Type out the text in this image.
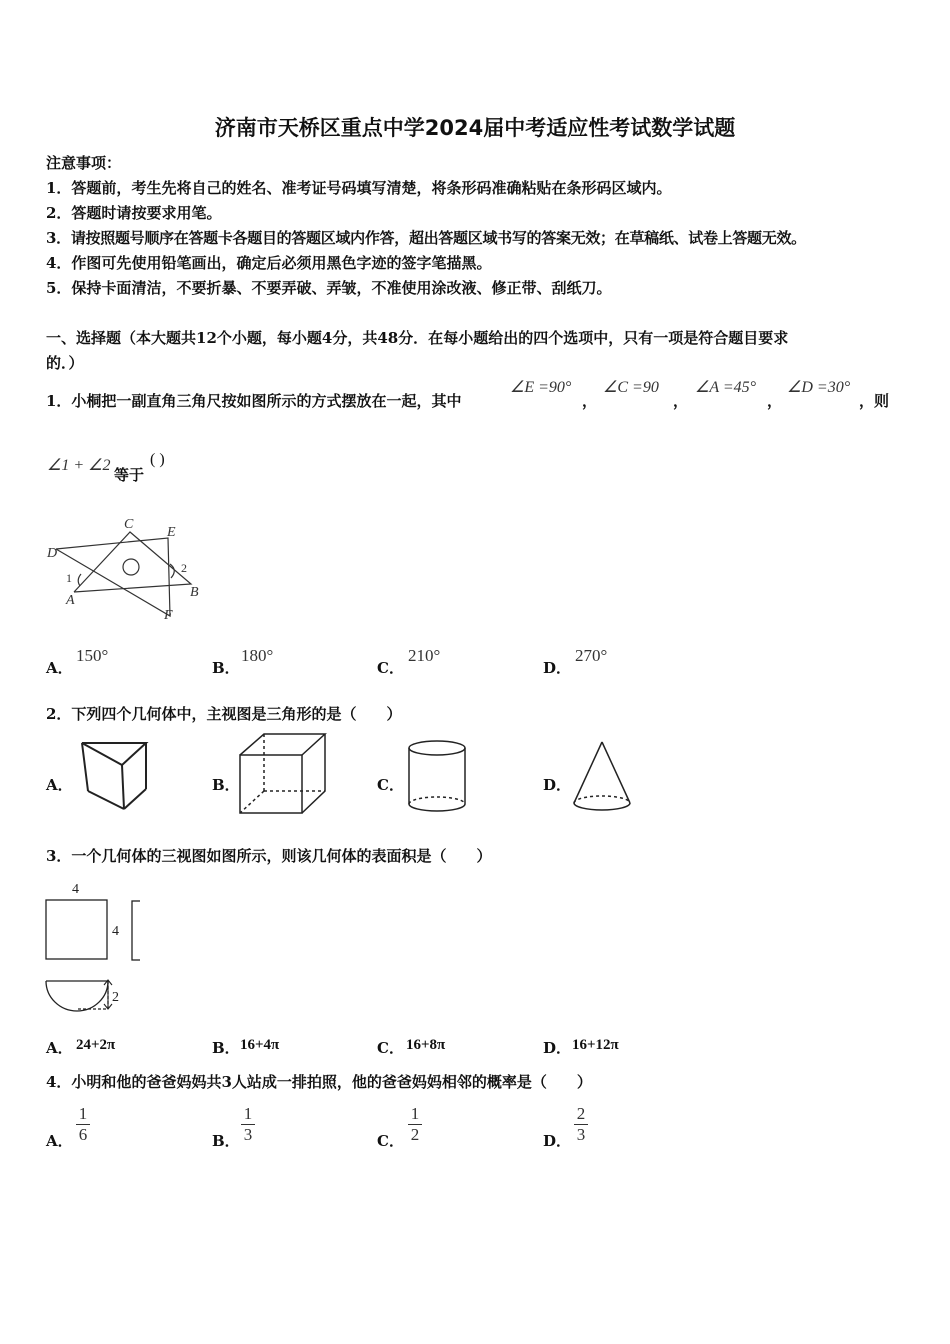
济南市天桥区重点中学2024届中考适应性考试数学试题
注意事项：
1．答题前，考生先将自己的姓名、准考证号码填写清楚，将条形码准确粘贴在条形码区域内。
2．答题时请按要求用笔。
3．请按照题号顺序在答题卡各题目的答题区域内作答，超出答题区域书写的答案无效；在草稿纸、试卷上答题无效。
4．作图可先使用铅笔画出，确定后必须用黑色字迹的签字笔描黑。
5．保持卡面清洁，不要折暴、不要弄破、弄皱，不准使用涂改液、修正带、刮纸刀。
一、选择题（本大题共12个小题，每小题4分，共48分．在每小题给出的四个选项中，只有一项是符合题目要求
的．）
1．小桐把一副直角三角尺按如图所示的方式摆放在一起，其中
∠E =90°
，
∠C =90
，
∠A =45°
，
∠D =30°
，则
∠1 + ∠2
等于
( )
C
E
D
1
2
A
B
F
A．
150°
B．
180°
C．
210°
D．
270°
2．下列四个几何体中，主视图是三角形的是（　　）
A．	B．	C．	D．
3．一个几何体的三视图如图所示，则该几何体的表面积是（　　）
4
4
2
A． 24+2π	B． 16+4π	C． 16+8π	D． 16+12π
4．小明和他的爸爸妈妈共3人站成一排拍照，他的爸爸妈妈相邻的概率是（　　）
A．
1
6	B．
1
3	C．
1
2	D．
2
3
